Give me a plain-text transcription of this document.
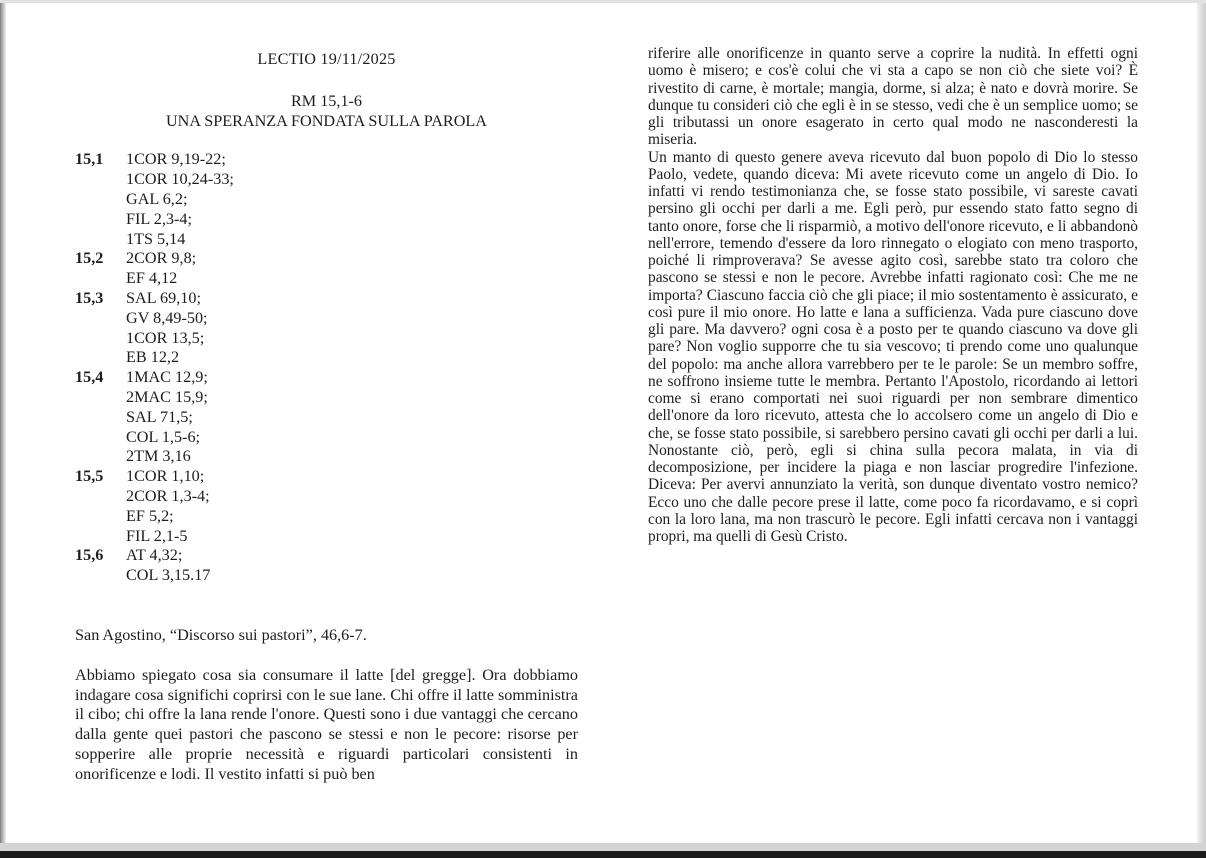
LECTIO 19/11/2025
RM 15,1-6
UNA SPERANZA FONDATA SULLA PAROLA
15,1	1COR 9,19-22;
1COR 10,24-33;
GAL 6,2;
FIL 2,3-4;
1TS 5,14
15,2	2COR 9,8;
EF 4,12
15,3	SAL 69,10;
GV 8,49-50;
1COR 13,5;
EB 12,2
15,4	1MAC 12,9;
2MAC 15,9;
SAL 71,5;
COL 1,5-6;
2TM 3,16
15,5	1COR 1,10;
2COR 1,3-4;
EF 5,2;
FIL 2,1-5
15,6	AT 4,32;
COL 3,15.17
San Agostino, “Discorso sui pastori”, 46,6-7.

Abbiamo spiegato cosa sia consumare il latte [del gregge]. Ora dobbiamo indagare cosa significhi coprirsi con le sue lane. Chi offre il latte somministra il cibo; chi offre la lana rende l'onore. Questi sono i due vantaggi che cercano dalla gente quei pastori che pascono se stessi e non le pecore: risorse per sopperire alle proprie necessità e riguardi particolari consistenti in onorificenze e lodi. Il vestito infatti si può ben

riferire alle onorificenze in quanto serve a coprire la nudità. In effetti ogni uomo è misero; e cos'è colui che vi sta a capo se non ciò che siete voi? È rivestito di carne, è mortale; mangia, dorme, si alza; è nato e dovrà morire. Se dunque tu consideri ciò che egli è in se stesso, vedi che è un semplice uomo; se gli tributassi un onore esagerato in certo qual modo ne nasconderesti la miseria.

Un manto di questo genere aveva ricevuto dal buon popolo di Dio lo stesso Paolo, vedete, quando diceva: Mi avete ricevuto come un angelo di Dio. Io infatti vi rendo testimonianza che, se fosse stato possibile, vi sareste cavati persino gli occhi per darli a me. Egli però, pur essendo stato fatto segno di tanto onore, forse che li risparmiò, a motivo dell'onore ricevuto, e li abbandonò nell'errore, temendo d'essere da loro rinnegato o elogiato con meno trasporto, poiché li rimproverava? Se avesse agito così, sarebbe stato tra coloro che pascono se stessi e non le pecore. Avrebbe infatti ragionato così: Che me ne importa? Ciascuno faccia ciò che gli piace; il mio sostentamento è assicurato, e così pure il mio onore. Ho latte e lana a sufficienza. Vada pure ciascuno dove gli pare. Ma davvero? ogni cosa è a posto per te quando ciascuno va dove gli pare? Non voglio supporre che tu sia vescovo; ti prendo come uno qualunque del popolo: ma anche allora varrebbero per te le parole: Se un membro soffre, ne soffrono insieme tutte le membra. Pertanto l'Apostolo, ricordando ai lettori come si erano comportati nei suoi riguardi per non sembrare dimentico dell'onore da loro ricevuto, attesta che lo accolsero come un angelo di Dio e che, se fosse stato possibile, si sarebbero persino cavati gli occhi per darli a lui. Nonostante ciò, però, egli si china sulla pecora malata, in via di decomposizione, per incidere la piaga e non lasciar progredire l'infezione. Diceva: Per avervi annunziato la verità, son dunque diventato vostro nemico? Ecco uno che dalle pecore prese il latte, come poco fa ricordavamo, e si coprì con la loro lana, ma non trascurò le pecore. Egli infatti cercava non i vantaggi propri, ma quelli di Gesù Cristo.
